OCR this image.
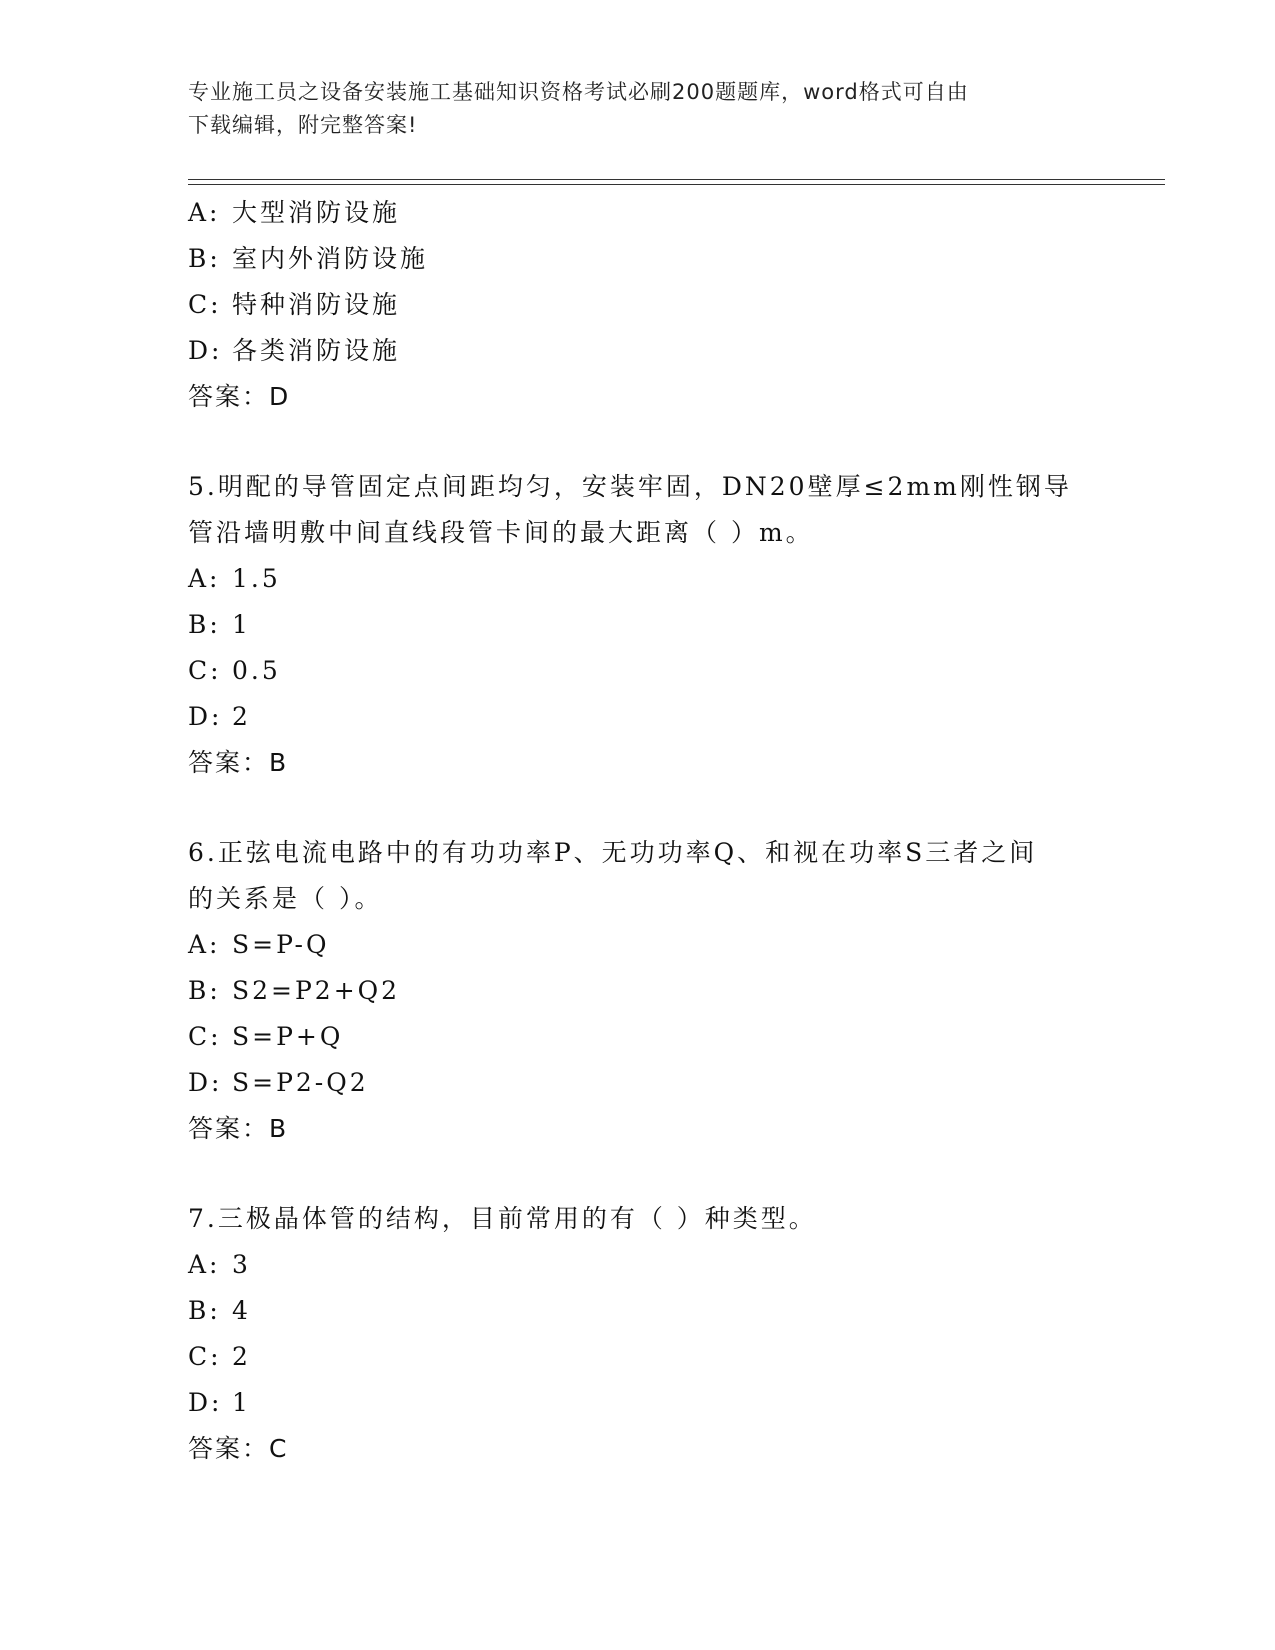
专业施工员之设备安装施工基础知识资格考试必刷200题题库，word格式可自由
下载编辑，附完整答案!
A: 大型消防设施
B: 室内外消防设施
C: 特种消防设施
D: 各类消防设施
答案：D
5.明配的导管固定点间距均匀，安装牢固，DN20壁厚≤2mm刚性钢导
管沿墙明敷中间直线段管卡间的最大距离（ ）m。
A: 1.5
B: 1
C: 0.5
D: 2
答案：B
6.正弦电流电路中的有功功率P、无功功率Q、和视在功率S三者之间
的关系是（ ）。
A: S=P-Q
B: S2=P2+Q2
C: S=P+Q
D: S=P2-Q2
答案：B
7.三极晶体管的结构，目前常用的有（ ）种类型。
A: 3
B: 4
C: 2
D: 1
答案：C
